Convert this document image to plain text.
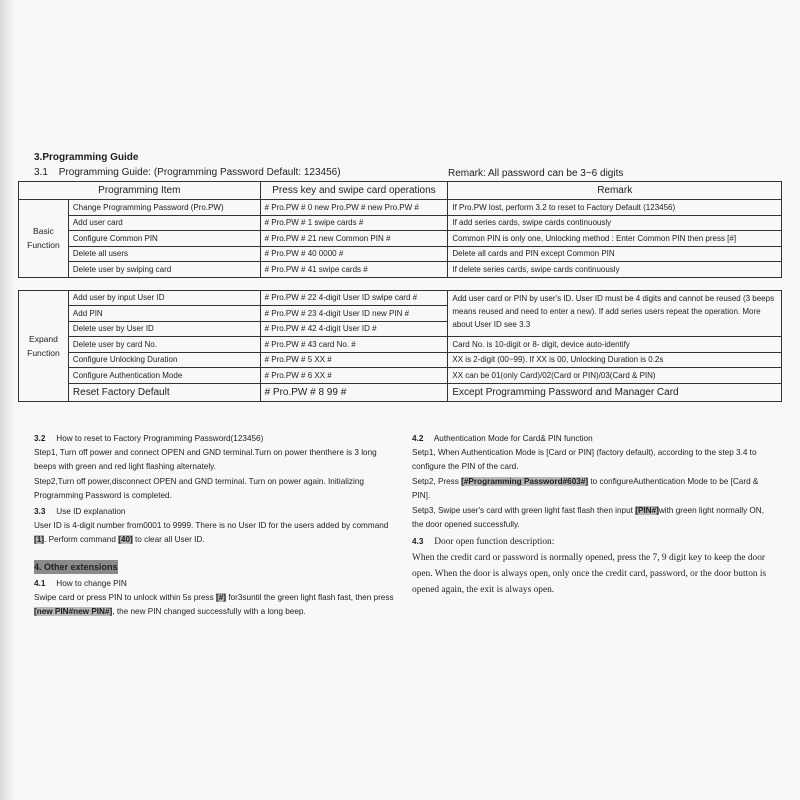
3.Programming Guide
3.1 Programming Guide: (Programming Password Default: 123456)	Remark: All password can be 3~6 digits
Programming Item		Press key and swipe card operations	Remark
Basic Function	Change Programming Password (Pro.PW)	# Pro.PW # 0 new Pro.PW # new Pro.PW #	If Pro.PW lost, perform 3.2 to reset to Factory Default (123456)
	Add user card	# Pro.PW # 1 swipe cards #	If add series cards, swipe cards continuously
	Configure Common PIN	# Pro.PW # 21 new Common PIN #	Common PIN is only one, Unlocking method : Enter Common PIN then press [#]
	Delete all users	# Pro.PW # 40 0000 #	Delete all cards and PIN except Common PIN
	Delete user by swiping card	# Pro.PW # 41 swipe cards #	If delete series cards, swipe cards continuously

Expand Function	Add user by input User ID	# Pro.PW # 22 4-digit User ID swipe card #	Add user card or PIN by user's ID. User ID must be 4 digits and cannot be reused (3 beeps means reused and need to enter a new). If add series users repeat the operation. More about User ID see 3.3
	Add PIN	# Pro.PW # 23 4-digit User ID new PIN #	
	Delete user by User ID	# Pro.PW # 42 4-digit User ID #	
	Delete user by card No.	# Pro.PW # 43 card No. #	Card No. is 10-digit or 8- digit, device auto-identify
	Configure Unlocking Duration	# Pro.PW # 5 XX #	XX is 2-digit (00~99). If XX is 00, Unlocking Duration is 0.2s
	Configure Authentication Mode	# Pro.PW # 6 XX #	XX can be 01(only Card)/02(Card or PIN)/03(Card & PIN)
	Reset Factory Default	# Pro.PW # 8 99 #	Except Programming Password and Manager Card
3.2 How to reset to Factory Programming Password(123456)
Step1, Turn off power and connect OPEN and GND terminal.Turn on power thenthere is 3 long beeps with green and red light flashing alternately.
Step2,Turn off power,disconnect OPEN and GND terminal. Turn on power again. Initializing Programming Password is completed.
3.3 Use ID explanation
User ID is 4-digit number from0001 to 9999. There is no User ID for the users added by command [1]. Perform command [40] to clear all User ID.
4. Other extensions
4.1 How to change PIN
Swipe card or press PIN to unlock within 5s press [#] for3suntil the green light flash fast, then press [new PIN#new PIN#], the new PIN changed successfully with a long beep.
4.2 Authentication Mode for Card& PIN function
Setp1, When Authentication Mode is [Card or PIN] (factory default), according to the step 3.4 to configure the PIN of the card.
Setp2, Press [#Programming Password#603#] to configureAuthentication Mode to be [Card & PIN].
Setp3, Swipe user's card with green light fast flash then input [PIN#]with green light normally ON, the door opened successfully.
4.3 Door open function description:
When the credit card or password is normally opened, press the 7, 9 digit key to keep the door open. When the door is always open, only once the credit card, password, or the door button is opened again, the exit is always open.
